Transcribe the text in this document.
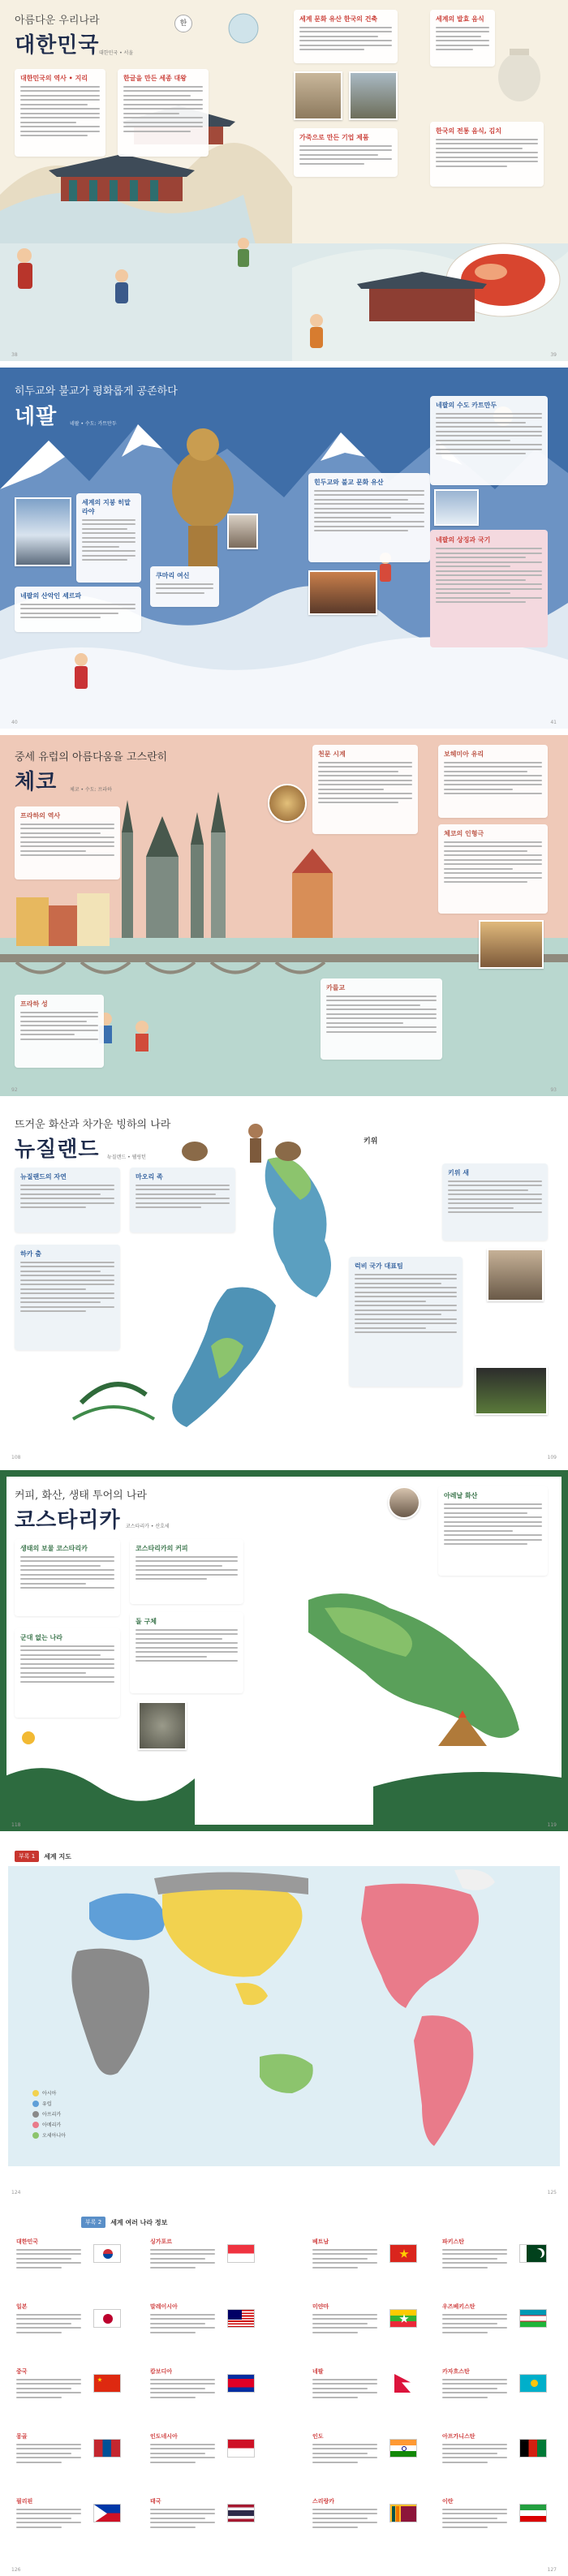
아름다운 우리나라
대한민국 대한민국 • 서울
한
대한민국의 역사 • 지리	한글을 만든 세종 대왕
세계 문화 유산 한국의 건축
가죽으로 만든 기업 제품
세계의 발효 음식
한국의 전통 음식, 김치
38	39
히두교와 불교가 평화롭게 공존하다
네팔	네팔 • 수도: 카트만두
세계의 지붕 히말라야
네팔의 산악인 셰르파
쿠마리 여신
힌두교와 불교 문화 유산
네팔의 수도 카트만두
네팔의 상징과 국기
40	41
중세 유럽의 아름다움을 고스란히
체코	체코 • 수도: 프라하
프라하의 역사
천문 시계	보헤미아 유리
체코의 인형극
프라하 성
카를교
92	93
뜨거운 화산과 차가운 빙하의 나라
뉴질랜드	뉴질랜드 • 웰링턴
키위
뉴질랜드의 자연	마오리 족
하카 춤
키위 새
럭비 국가 대표팀
108	109
커피, 화산, 생태 투어의 나라
코스타리카	코스타리카 • 산호세
생태의 보물 코스타리카	코스타리카의 커피
돌 구체
군대 없는 나라
아레날 화산
118	119
부록 1	세계 지도
아시아
유럽
아프리카
아메리카
오세아니아
124	125
부록 2	세계 여러 나라 정보
대한민국
일본
중국
몽골
필리핀
싱가포르
말레이시아
캄보디아
인도네시아
태국
베트남
미얀마
네팔
인도
스리랑카
파키스탄
우즈베키스탄
카자흐스탄
아프가니스탄
이란
126	127
